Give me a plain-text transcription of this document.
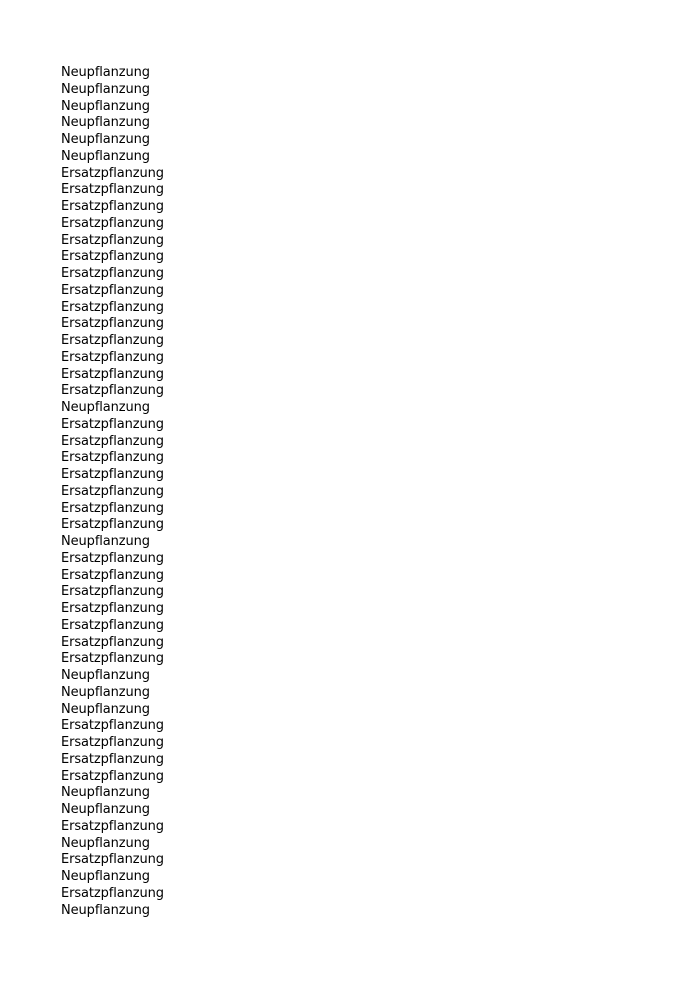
Neupflanzung
Neupflanzung
Neupflanzung
Neupflanzung
Neupflanzung
Neupflanzung
Ersatzpflanzung
Ersatzpflanzung
Ersatzpflanzung
Ersatzpflanzung
Ersatzpflanzung
Ersatzpflanzung
Ersatzpflanzung
Ersatzpflanzung
Ersatzpflanzung
Ersatzpflanzung
Ersatzpflanzung
Ersatzpflanzung
Ersatzpflanzung
Ersatzpflanzung
Neupflanzung
Ersatzpflanzung
Ersatzpflanzung
Ersatzpflanzung
Ersatzpflanzung
Ersatzpflanzung
Ersatzpflanzung
Ersatzpflanzung
Neupflanzung
Ersatzpflanzung
Ersatzpflanzung
Ersatzpflanzung
Ersatzpflanzung
Ersatzpflanzung
Ersatzpflanzung
Ersatzpflanzung
Neupflanzung
Neupflanzung
Neupflanzung
Ersatzpflanzung
Ersatzpflanzung
Ersatzpflanzung
Ersatzpflanzung
Neupflanzung
Neupflanzung
Ersatzpflanzung
Neupflanzung
Ersatzpflanzung
Neupflanzung
Ersatzpflanzung
Neupflanzung
